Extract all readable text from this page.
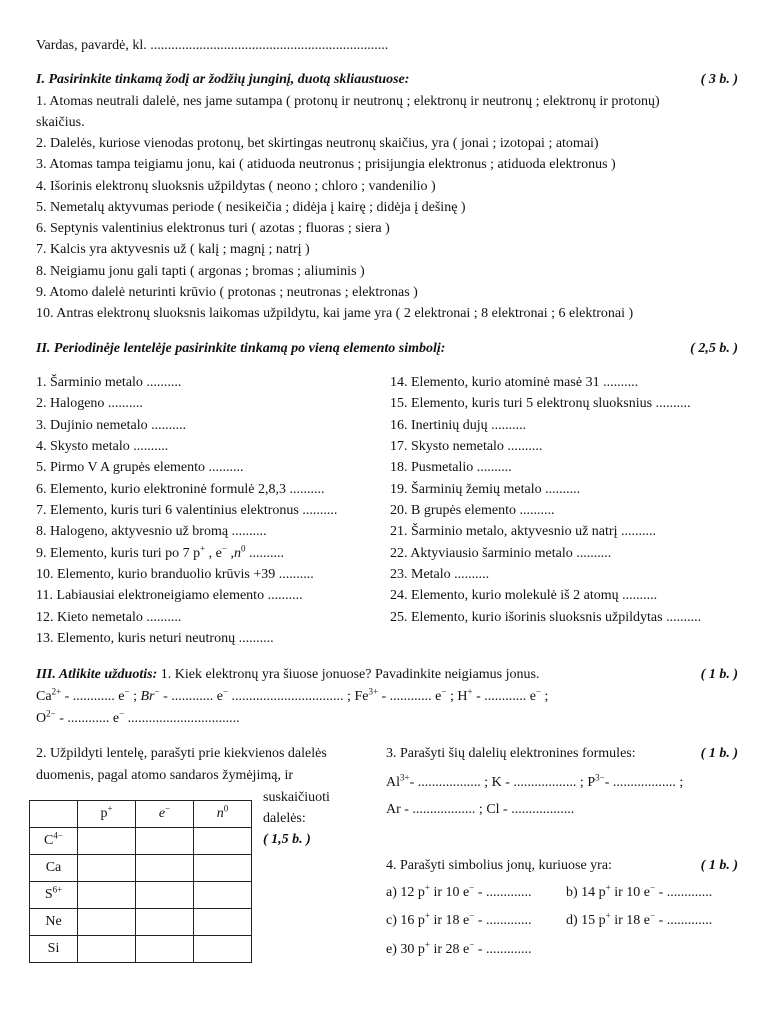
Vardas, pavardė, kl. ....................................................................
I. Pasirinkite tinkamą žodį ar žodžių junginį, duotą skliaustuose:	( 3 b. )
1. Atomas neutrali dalelė, nes jame sutampa ( protonų ir neutronų ; elektronų ir neutronų ; elektronų ir protonų)
skaičius.
2. Dalelės, kuriose vienodas protonų, bet skirtingas neutronų skaičius, yra ( jonai ; izotopai ; atomai)
3. Atomas tampa teigiamu jonu, kai ( atiduoda neutronus ; prisijungia elektronus ; atiduoda elektronus )
4. Išorinis elektronų sluoksnis užpildytas ( neono ; chloro ; vandenilio )
5. Nemetalų aktyvumas periode ( nesikeičia ; didėja į kairę ; didėja į dešinę )
6. Septynis valentinius elektronus turi ( azotas ; fluoras ; siera )
7. Kalcis yra aktyvesnis už ( kalį ; magnį ; natrį )
8. Neigiamu jonu gali tapti ( argonas ; bromas ; aliuminis )
9. Atomo dalelė neturinti krūvio ( protonas ; neutronas ; elektronas )
10. Antras elektronų sluoksnis laikomas užpildytu, kai jame yra ( 2 elektronai ; 8 elektronai ; 6 elektronai )
II. Periodinėje lentelėje pasirinkite tinkamą po vieną elemento simbolį:	( 2,5 b. )
1. Šarminio metalo ..........
2. Halogeno ..........
3. Dujinio nemetalo ..........
4. Skysto metalo ..........
5. Pirmo V A grupės elemento ..........
6. Elemento, kurio elektroninė formulė 2,8,3 ..........
7. Elemento, kuris turi 6 valentinius elektronus ..........
8. Halogeno, aktyvesnio už bromą ..........
9. Elemento, kuris turi po 7 p+ , e− $,n^0$ ..........
10. Elemento, kurio branduolio krūvis +39 ..........
11. Labiausiai elektroneigiamo elemento ..........
12. Kieto nemetalo ..........
13. Elemento, kuris neturi neutronų ..........
14. Elemento, kurio atominė masė 31 ..........
15. Elemento, kuris turi 5 elektronų sluoksnius ..........
16. Inertinių dujų ..........
17. Skysto nemetalo ..........
18. Pusmetalio ..........
19. Šarminių žemių metalo ..........
20. B grupės elemento ..........
21. Šarminio metalo, aktyvesnio už natrį ..........
22. Aktyviausio šarminio metalo ..........
23. Metalo ..........
24. Elemento, kurio molekulė iš 2 atomų ..........
25. Elemento, kurio išorinis sluoksnis užpildytas ..........
III. Atlikite užduotis: 1. Kiek elektronų yra šiuose jonuose? Pavadinkite neigiamus jonus.	( 1 b. )
$Ca^{2+}$ - ............ e− ; Br− - ............ e− ................................ ; $Fe^{3+}$ - ............ e− ; H+ - ............ e− ;
$O^{2-}$ - ............ e− ................................
2. Užpildyti lentelę, parašyti prie kiekvienos dalelės
duomenis, pagal atomo sandaros žymėjimą, ir
suskaičiuoti
dalelės:
( 1,5 b. )
	p+	e−	$n^0$
$C^{4-}$			
Ca			
$S^{6+}$			
Ne			
Si			
3. Parašyti šių dalelių elektronines formules:	( 1 b. )
$Al^{3+}-$ .................. ; K - .................. ; $P^{3-}-$ .................. ;
Ar - .................. ; Cl - ..................
4. Parašyti simbolius jonų, kuriuose yra:	( 1 b. )
a) 12 p+ ir 10 e− - ............. b) 14 p+ ir 10 e− - .............
c) 16 p+ ir 18 e− - ............. d) 15 p+ ir 18 e− - .............
e) 30 p+ ir 28 e− - .............
